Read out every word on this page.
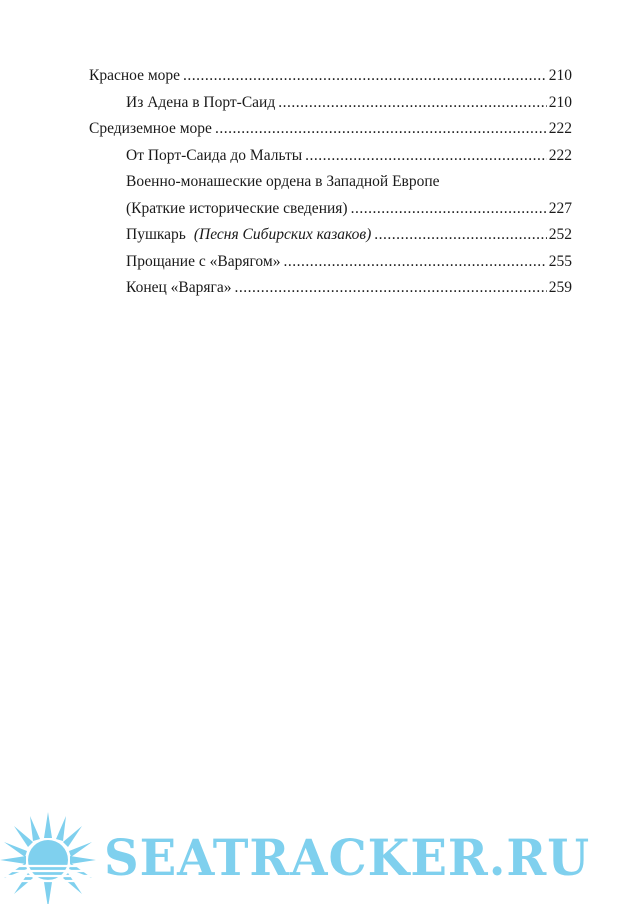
Красное море .....	210
Из Адена в Порт-Саид .....	210
Средиземное море .....	222
От Порт-Саида до Мальты .....	222
Военно-монашеские ордена в Западной Европе
(Краткие исторические сведения) .....	227
Пушкарь (Песня Сибирских казаков) .....	252
Прощание с «Варягом» .....	255
Конец «Варяга» .....	259
SEATRACKER.RU
